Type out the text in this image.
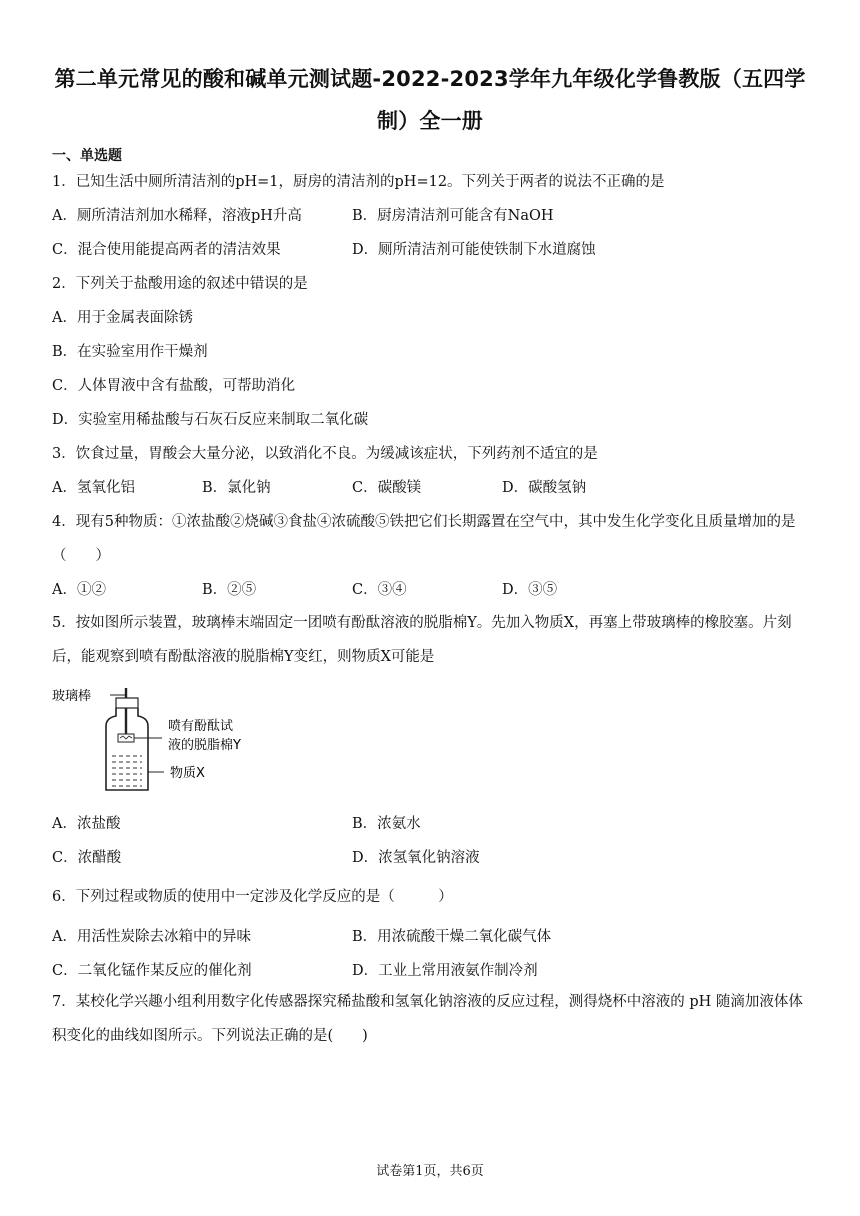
第二单元常见的酸和碱单元测试题-2022-2023学年九年级化学鲁教版（五四学制）全一册
一、单选题
1．已知生活中厕所清洁剂的pH=1，厨房的清洁剂的pH=12。下列关于两者的说法不正确的是
A．厕所清洁剂加水稀释，溶液pH升高	B．厨房清洁剂可能含有NaOH
C．混合使用能提高两者的清洁效果	D．厕所清洁剂可能使铁制下水道腐蚀
2．下列关于盐酸用途的叙述中错误的是
A．用于金属表面除锈
B．在实验室用作干燥剂
C．人体胃液中含有盐酸，可帮助消化
D．实验室用稀盐酸与石灰石反应来制取二氧化碳
3．饮食过量，胃酸会大量分泌，以致消化不良。为缓减该症状，下列药剂不适宜的是
A．氢氧化铝	B．氯化钠	C．碳酸镁	D．碳酸氢钠
4．现有5种物质：①浓盐酸②烧碱③食盐④浓硫酸⑤铁把它们长期露置在空气中，其中发生化学变化且质量增加的是（　　）
A．①②	B．②⑤	C．③④	D．③⑤
5．按如图所示装置，玻璃棒末端固定一团喷有酚酞溶液的脱脂棉Y。先加入物质X，再塞上带玻璃棒的橡胶塞。片刻后，能观察到喷有酚酞溶液的脱脂棉Y变红，则物质X可能是
玻璃棒
喷有酚酞试
液的脱脂棉Y
物质X
A．浓盐酸	B．浓氨水
C．浓醋酸	D．浓氢氧化钠溶液
6．下列过程或物质的使用中一定涉及化学反应的是（　　　）
A．用活性炭除去冰箱中的异味	B．用浓硫酸干燥二氧化碳气体
C．二氧化锰作某反应的催化剂	D．工业上常用液氨作制冷剂
7．某校化学兴趣小组利用数字化传感器探究稀盐酸和氢氧化钠溶液的反应过程，测得烧杯中溶液的 pH 随滴加液体体积变化的曲线如图所示。下列说法正确的是(　　)
试卷第1页，共6页
